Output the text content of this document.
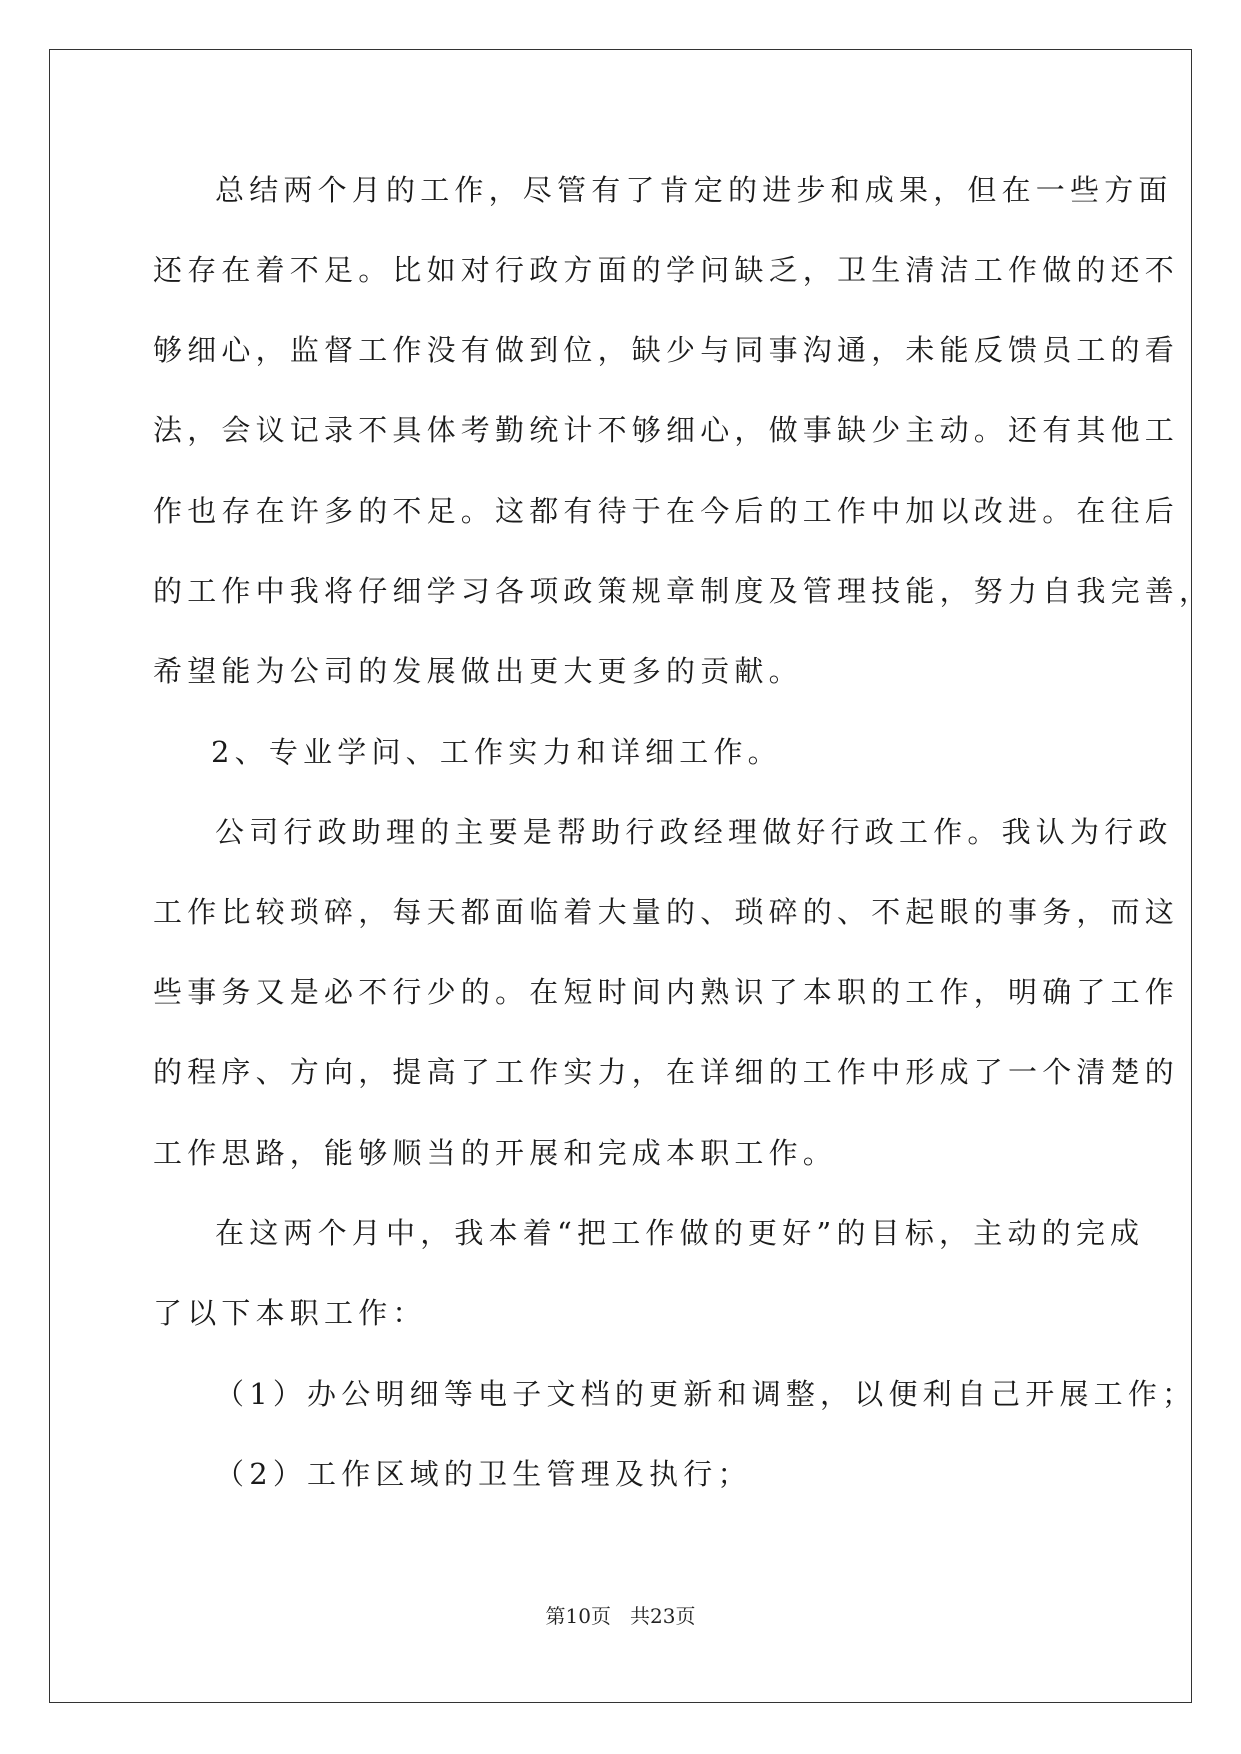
总结两个月的工作，尽管有了肯定的进步和成果，但在一些方面
还存在着不足。比如对行政方面的学问缺乏，卫生清洁工作做的还不
够细心，监督工作没有做到位，缺少与同事沟通，未能反馈员工的看
法，会议记录不具体考勤统计不够细心，做事缺少主动。还有其他工
作也存在许多的不足。这都有待于在今后的工作中加以改进。在往后
的工作中我将仔细学习各项政策规章制度及管理技能，努力自我完善，
希望能为公司的发展做出更大更多的贡献。
2、专业学问、工作实力和详细工作。
公司行政助理的主要是帮助行政经理做好行政工作。我认为行政
工作比较琐碎，每天都面临着大量的、琐碎的、不起眼的事务，而这
些事务又是必不行少的。在短时间内熟识了本职的工作，明确了工作
的程序、方向，提高了工作实力，在详细的工作中形成了一个清楚的
工作思路，能够顺当的开展和完成本职工作。
在这两个月中，我本着“把工作做的更好”的目标，主动的完成
了以下本职工作：
（1）办公明细等电子文档的更新和调整，以便利自己开展工作；
（2）工作区域的卫生管理及执行；
第10页 共23页
